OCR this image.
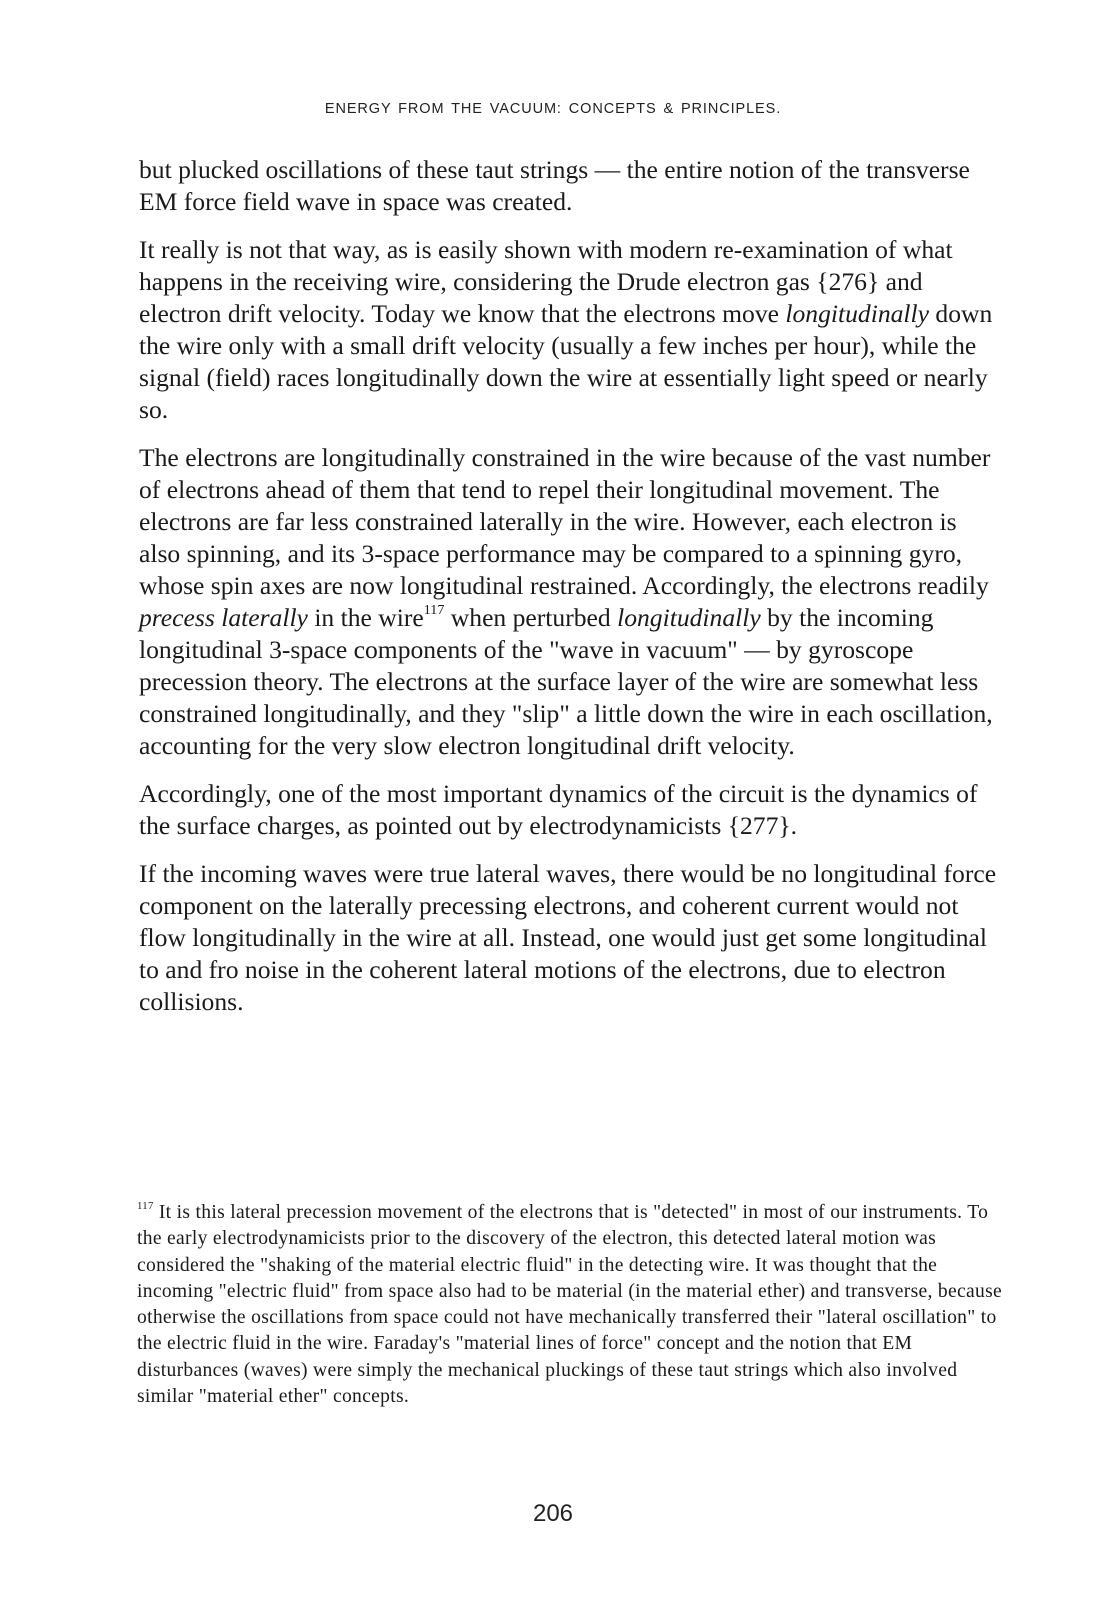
ENERGY FROM THE VACUUM: CONCEPTS & PRINCIPLES.

but plucked oscillations of these taut strings — the entire notion of the transverse EM force field wave in space was created.

It really is not that way, as is easily shown with modern re-examination of what happens in the receiving wire, considering the Drude electron gas {276} and electron drift velocity. Today we know that the electrons move longitudinally down the wire only with a small drift velocity (usually a few inches per hour), while the signal (field) races longitudinally down the wire at essentially light speed or nearly so.

The electrons are longitudinally constrained in the wire because of the vast number of electrons ahead of them that tend to repel their longitudinal movement. The electrons are far less constrained laterally in the wire. However, each electron is also spinning, and its 3-space performance may be compared to a spinning gyro, whose spin axes are now longitudinal restrained. Accordingly, the electrons readily precess laterally in the wire$^{117}$ when perturbed longitudinally by the incoming longitudinal 3-space components of the "wave in vacuum" — by gyroscope precession theory. The electrons at the surface layer of the wire are somewhat less constrained longitudinally, and they "slip" a little down the wire in each oscillation, accounting for the very slow electron longitudinal drift velocity.

Accordingly, one of the most important dynamics of the circuit is the dynamics of the surface charges, as pointed out by electrodynamicists {277}.

If the incoming waves were true lateral waves, there would be no longitudinal force component on the laterally precessing electrons, and coherent current would not flow longitudinally in the wire at all. Instead, one would just get some longitudinal to and fro noise in the coherent lateral motions of the electrons, due to electron collisions.

$^{117}$ It is this lateral precession movement of the electrons that is "detected" in most of our instruments. To the early electrodynamicists prior to the discovery of the electron, this detected lateral motion was considered the "shaking of the material electric fluid" in the detecting wire. It was thought that the incoming "electric fluid" from space also had to be material (in the material ether) and transverse, because otherwise the oscillations from space could not have mechanically transferred their "lateral oscillation" to the electric fluid in the wire. Faraday's "material lines of force" concept and the notion that EM disturbances (waves) were simply the mechanical pluckings of these taut strings which also involved similar "material ether" concepts.

206
